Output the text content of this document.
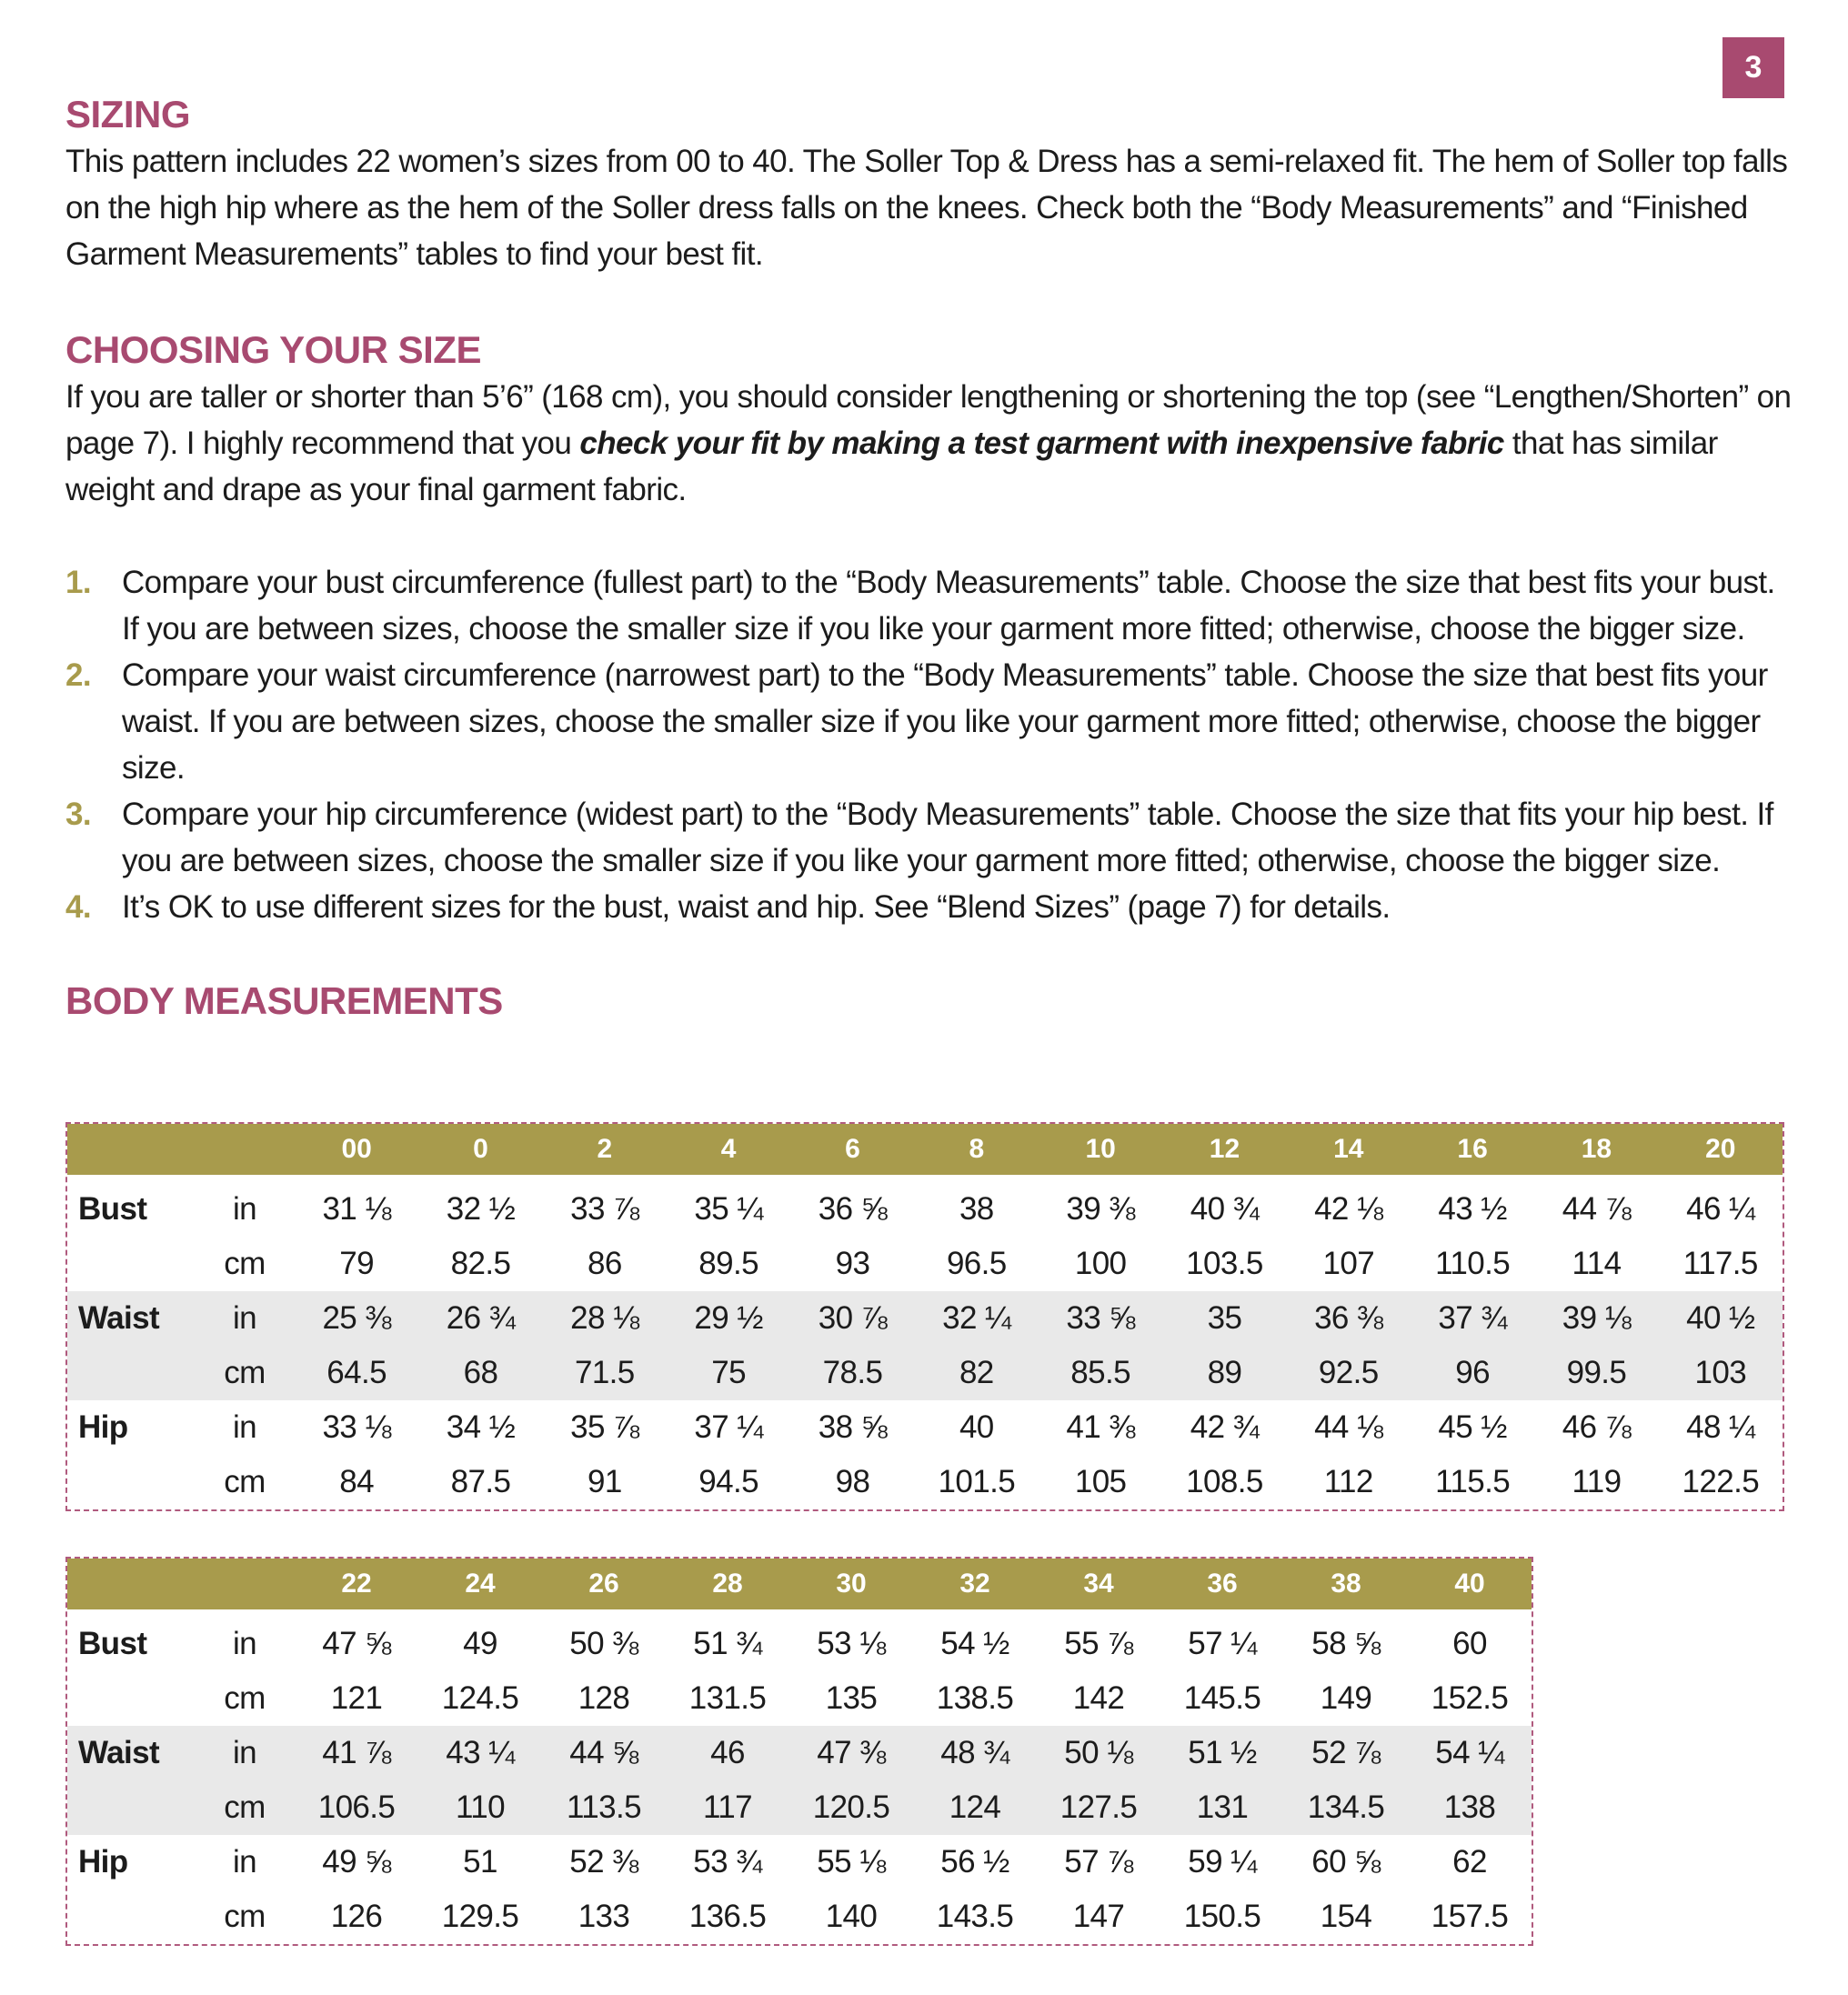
3
SIZING

This pattern includes 22 women’s sizes from 00 to 40. The Soller Top & Dress has a semi-relaxed fit. The hem of Soller top falls on the high hip where as the hem of the Soller dress falls on the knees. Check both the “Body Measurements” and “Finished Garment Measurements” tables to find your best fit.

CHOOSING YOUR SIZE

If you are taller or shorter than 5’6” (168 cm), you should consider lengthening or shortening the top (see “Lengthen/Shorten” on page 7). I highly recommend that you check your fit by making a test garment with inexpensive fabric that has similar weight and drape as your final garment fabric.

1. Compare your bust circumference (fullest part) to the “Body Measurements” table. Choose the size that best fits your bust. If you are between sizes, choose the smaller size if you like your garment more fitted; otherwise, choose the bigger size.
2. Compare your waist circumference (narrowest part) to the “Body Measurements” table. Choose the size that best fits your waist. If you are between sizes, choose the smaller size if you like your garment more fitted; otherwise, choose the bigger size.
3. Compare your hip circumference (widest part) to the “Body Measurements” table. Choose the size that fits your hip best. If you are between sizes, choose the smaller size if you like your garment more fitted; otherwise, choose the bigger size.
4. It’s OK to use different sizes for the bust, waist and hip. See “Blend Sizes” (page 7) for details.
BODY MEASUREMENTS
		00	0	2	4	6	8	10	12	14	16	18	20
Bust	in	31 ⅛	32 ½	33 ⅞	35 ¼	36 ⅝	38	39 ⅜	40 ¾	42 ⅛	43 ½	44 ⅞	46 ¼
	cm	79	82.5	86	89.5	93	96.5	100	103.5	107	110.5	114	117.5
Waist	in	25 ⅜	26 ¾	28 ⅛	29 ½	30 ⅞	32 ¼	33 ⅝	35	36 ⅜	37 ¾	39 ⅛	40 ½
	cm	64.5	68	71.5	75	78.5	82	85.5	89	92.5	96	99.5	103
Hip	in	33 ⅛	34 ½	35 ⅞	37 ¼	38 ⅝	40	41 ⅜	42 ¾	44 ⅛	45 ½	46 ⅞	48 ¼
	cm	84	87.5	91	94.5	98	101.5	105	108.5	112	115.5	119	122.5
		22	24	26	28	30	32	34	36	38	40
Bust	in	47 ⅝	49	50 ⅜	51 ¾	53 ⅛	54 ½	55 ⅞	57 ¼	58 ⅝	60
	cm	121	124.5	128	131.5	135	138.5	142	145.5	149	152.5
Waist	in	41 ⅞	43 ¼	44 ⅝	46	47 ⅜	48 ¾	50 ⅛	51 ½	52 ⅞	54 ¼
	cm	106.5	110	113.5	117	120.5	124	127.5	131	134.5	138
Hip	in	49 ⅝	51	52 ⅜	53 ¾	55 ⅛	56 ½	57 ⅞	59 ¼	60 ⅝	62
	cm	126	129.5	133	136.5	140	143.5	147	150.5	154	157.5
